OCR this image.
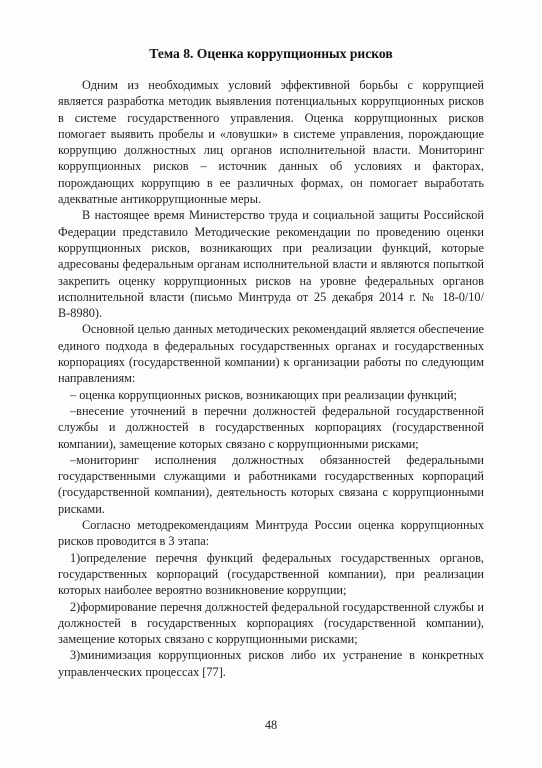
Тема 8. Оценка коррупционных рисков

Одним из необходимых условий эффективной борьбы с коррупцией является разработка методик выявления потенциальных коррупционных рисков в системе государственного управления. Оценка коррупционных рисков помогает выявить пробелы и «ловушки» в системе управления, порождающие коррупцию должностных лиц органов исполнительной власти. Мониторинг коррупционных рисков – источник данных об условиях и факторах, порождающих коррупцию в ее различных формах, он помогает выработать адекватные антикоррупционные меры.

В настоящее время Министерство труда и социальной защиты Российской Федерации представило Методические рекомендации по проведению оценки коррупционных рисков, возникающих при реализации функций, которые адресованы федеральным органам исполнительной власти и являются попыткой закрепить оценку коррупционных рисков на уровне федеральных органов исполнительной власти (письмо Минтруда от 25 декабря 2014 г. № 18-0/10/В-8980).

Основной целью данных методических рекомендаций является обеспечение единого подхода в федеральных государственных органах и государственных корпорациях (государственной компании) к организации работы по следующим направлениям:

– оценка коррупционных рисков, возникающих при реализации функций;

–внесение уточнений в перечни должностей федеральной государственной службы и должностей в государственных корпорациях (государственной компании), замещение которых связано с коррупционными рисками;

–мониторинг исполнения должностных обязанностей федеральными государственными служащими и работниками государственных корпораций (государственной компании), деятельность которых связана с коррупционными рисками.

Согласно методрекомендациям Минтруда России оценка коррупционных рисков проводится в 3 этапа:

1)определение перечня функций федеральных государственных органов, государственных корпораций (государственной компании), при реализации которых наиболее вероятно возникновение коррупции;

2)формирование перечня должностей федеральной государственной службы и должностей в государственных корпорациях (государственной компании), замещение которых связано с коррупционными рисками;

3)минимизация коррупционных рисков либо их устранение в конкретных управленческих процессах [77].

48
